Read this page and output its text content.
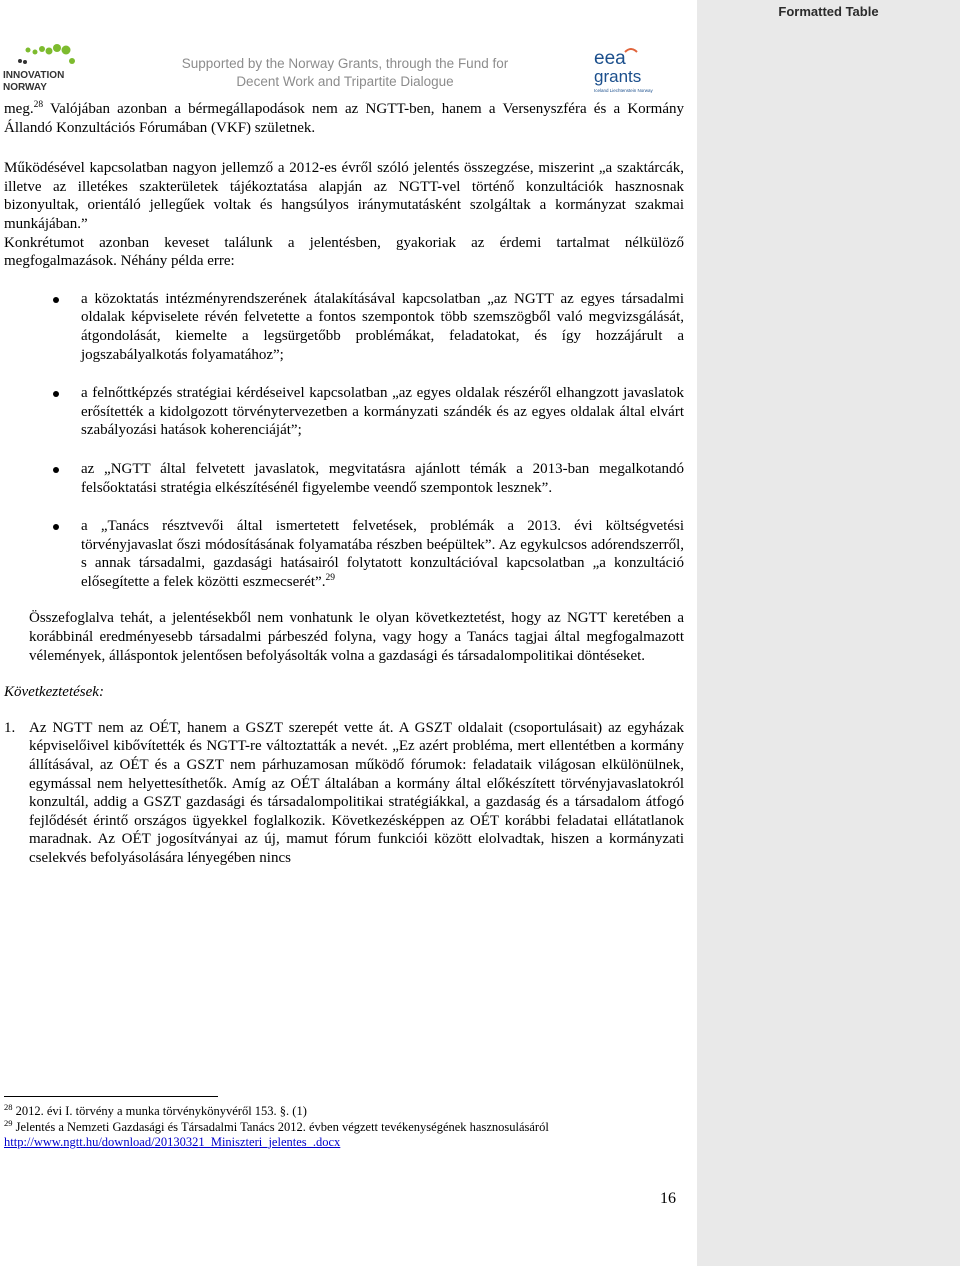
Formatted Table
INNOVATION
NORWAY
Supported by the Norway Grants, through the Fund for
Decent Work and Tripartite Dialogue
eea
grants
Iceland Liechtenstein Norway

meg.$^{28}$ Valójában azonban a bérmegállapodások nem az NGTT-ben, hanem a Versenyszféra és a Kormány Állandó Konzultációs Fórumában (VKF) születnek.

Működésével kapcsolatban nagyon jellemző a 2012-es évről szóló jelentés összegzése, miszerint „a szaktárcák, illetve az illetékes szakterületek tájékoztatása alapján az NGTT-vel történő konzultációk hasznosnak bizonyultak, orientáló jellegűek voltak és hangsúlyos iránymutatásként szolgáltak a kormányzat szakmai munkájában.”

Konkrétumot azonban keveset találunk a jelentésben, gyakoriak az érdemi tartalmat nélkülöző megfogalmazások. Néhány példa erre:

a közoktatás intézményrendszerének átalakításával kapcsolatban „az NGTT az egyes társadalmi oldalak képviselete révén felvetette a fontos szempontok több szemszögből való megvizsgálását, átgondolását, kiemelte a legsürgetőbb problémákat, feladatokat, és így hozzájárult a jogszabályalkotás folyamatához”;
a felnőttképzés stratégiai kérdéseivel kapcsolatban „az egyes oldalak részéről elhangzott javaslatok erősítették a kidolgozott törvénytervezetben a kormányzati szándék és az egyes oldalak által elvárt szabályozási hatások koherenciáját”;
az „NGTT által felvetett javaslatok, megvitatásra ajánlott témák a 2013-ban megalkotandó felsőoktatási stratégia elkészítésénél figyelembe veendő szempontok lesznek”.
a „Tanács résztvevői által ismertetett felvetések, problémák a 2013. évi költségvetési törvényjavaslat őszi módosításának folyamatába részben beépültek”. Az egykulcsos adórendszerről, s annak társadalmi, gazdasági hatásairól folytatott konzultációval kapcsolatban „a konzultáció elősegítette a felek közötti eszmecserét”.$^{29}$

Összefoglalva tehát, a jelentésekből nem vonhatunk le olyan következtetést, hogy az NGTT keretében a korábbinál eredményesebb társadalmi párbeszéd folyna, vagy hogy a Tanács tagjai által megfogalmazott vélemények, álláspontok jelentősen befolyásolták volna a gazdasági és társadalompolitikai döntéseket.

Következtetések:

1. Az NGTT nem az OÉT, hanem a GSZT szerepét vette át. A GSZT oldalait (csoportulásait) az egyházak képviselőivel kibővítették és NGTT-re változtatták a nevét. „Ez azért probléma, mert ellentétben a kormány állításával, az OÉT és a GSZT nem párhuzamosan működő fórumok: feladataik világosan elkülönülnek, egymással nem helyettesíthetők. Amíg az OÉT általában a kormány által előkészített törvényjavaslatokról konzultál, addig a GSZT gazdasági és társadalompolitikai stratégiákkal, a gazdaság és a társadalom átfogó fejlődését érintő országos ügyekkel foglalkozik. Következésképpen az OÉT korábbi feladatai ellátatlanok maradnak. Az OÉT jogosítványai az új, mamut fórum funkciói között elolvadtak, hiszen a kormányzati cselekvés befolyásolására lényegében nincs

$^{28}$ 2012. évi I. törvény a munka törvénykönyvéről 153. §. (1)

$^{29}$ Jelentés a Nemzeti Gazdasági és Társadalmi Tanács 2012. évben végzett tevékenységének hasznosulásáról

http://www.ngtt.hu/download/20130321_Miniszteri_jelentes_.docx

16
